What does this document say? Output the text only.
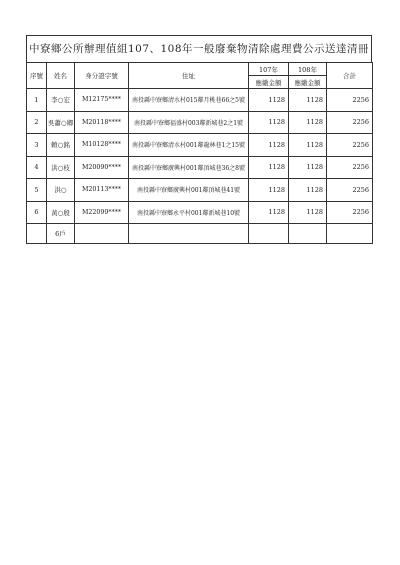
中寮鄉公所辦理值組107、108年一般廢棄物清除處理費公示送達清冊
序號	姓名	身分證字號	住址	107年	108年	合計
				應繳金額	應繳金額	
1	李○宏	M12175****	南投縣中寮鄉清水村015鄰月桃巷66之5號	1128	1128	2256
2	吳蕭○卿	M20118****	南投縣中寮鄉福盛村003鄰新城巷2之1號	1128	1128	2256
3	賴○銘	M10128****	南投縣中寮鄉清水村001鄰龍林巷1之15號	1128	1128	2256
4	洪○枝	M20090****	南投縣中寮鄉廣興村001鄰頂城巷36之8號	1128	1128	2256
5	洪○	M20113****	南投縣中寮鄉廣興村001鄰頂城巷41號	1128	1128	2256
6	黃○殷	M22099****	南投縣中寮鄉永平村001鄰新城巷10號	1128	1128	2256
	6戶					
